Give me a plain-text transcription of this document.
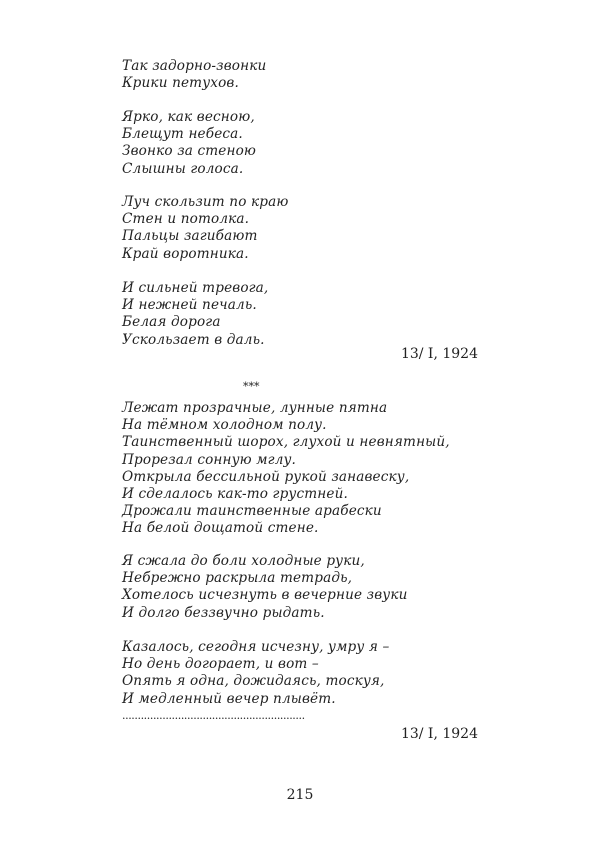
Так задорно-звонки
Крики петухов.
Ярко, как весною,
Блещут небеса.
Звонко за стеною
Слышны голоса.
Луч скользит по краю
Стен и потолка.
Пальцы загибают
Край воротника.
И сильней тревога,
И нежней печаль.
Белая дорога
Ускользает в даль.
13/ I, 1924
***
Лежат прозрачные, лунные пятна
На тёмном холодном полу.
Таинственный шорох, глухой и невнятный,
Прорезал сонную мглу.
Открыла бессильной рукой занавеску,
И сделалось как-то грустней.
Дрожали таинственные арабески
На белой дощатой стене.
Я сжала до боли холодные руки,
Небрежно раскрыла тетрадь,
Хотелось исчезнуть в вечерние звуки
И долго беззвучно рыдать.
Казалось, сегодня исчезну, умру я –
Но день догорает, и вот –
Опять я одна, дожидаясь, тоскуя,
И медленный вечер плывёт.
...........................................................
13/ I, 1924
215
